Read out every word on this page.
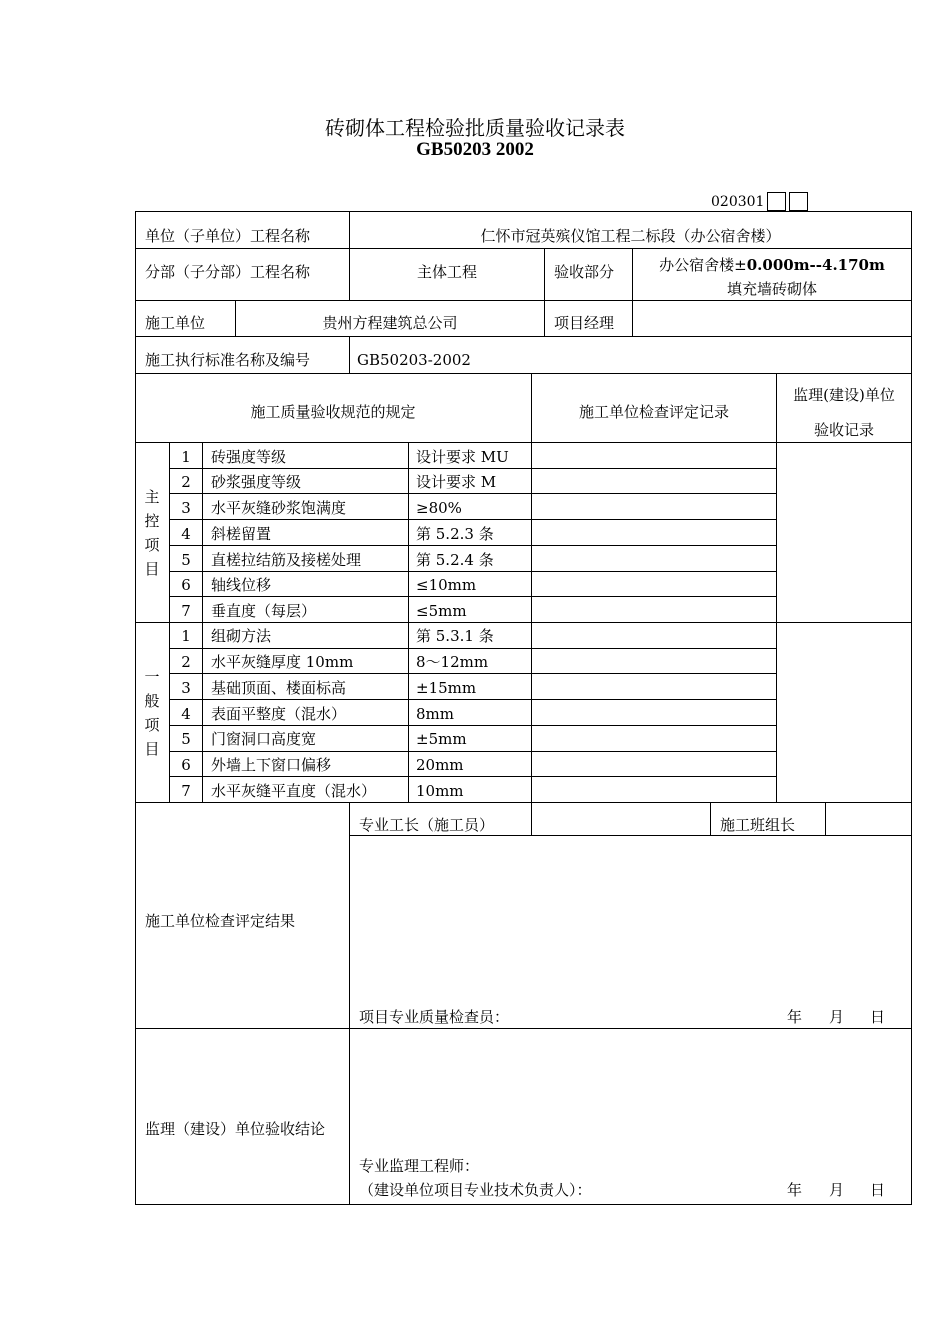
砖砌体工程检验批质量验收记录表
GB50203 2002
020301
单位（子单位）工程名称	仁怀市冠英殡仪馆工程二标段（办公宿舍楼）
分部（子分部）工程名称	主体工程	验收部分	办公宿舍楼±0.000m--4.170m
填充墙砖砌体
施工单位	贵州方程建筑总公司	项目经理
施工执行标准名称及编号	GB50203-2002
施工质量验收规范的规定	施工单位检查评定记录
监理(建设)单位
验收记录
主
控
项
目
一
般
项
目
1	砖强度等级	设计要求 MU
2	砂浆强度等级	设计要求 M
3	水平灰缝砂浆饱满度	≥80%
4	斜槎留置	第 5.2.3 条
5	直槎拉结筋及接槎处理	第 5.2.4 条
6	轴线位移	≤10mm
7	垂直度（每层）	≤5mm
1	组砌方法	第 5.3.1 条
2	水平灰缝厚度 10mm	8～12mm
3	基础顶面、楼面标高	±15mm
4	表面平整度（混水）	8mm
5	门窗洞口高度宽	±5mm
6	外墙上下窗口偏移	20mm
7	水平灰缝平直度（混水）	10mm
施工单位检查评定结果
专业工长（施工员）	施工班组长
项目专业质量检查员：	年 月 日
监理（建设）单位验收结论
专业监理工程师：
（建设单位项目专业技术负责人）：	年 月 日
